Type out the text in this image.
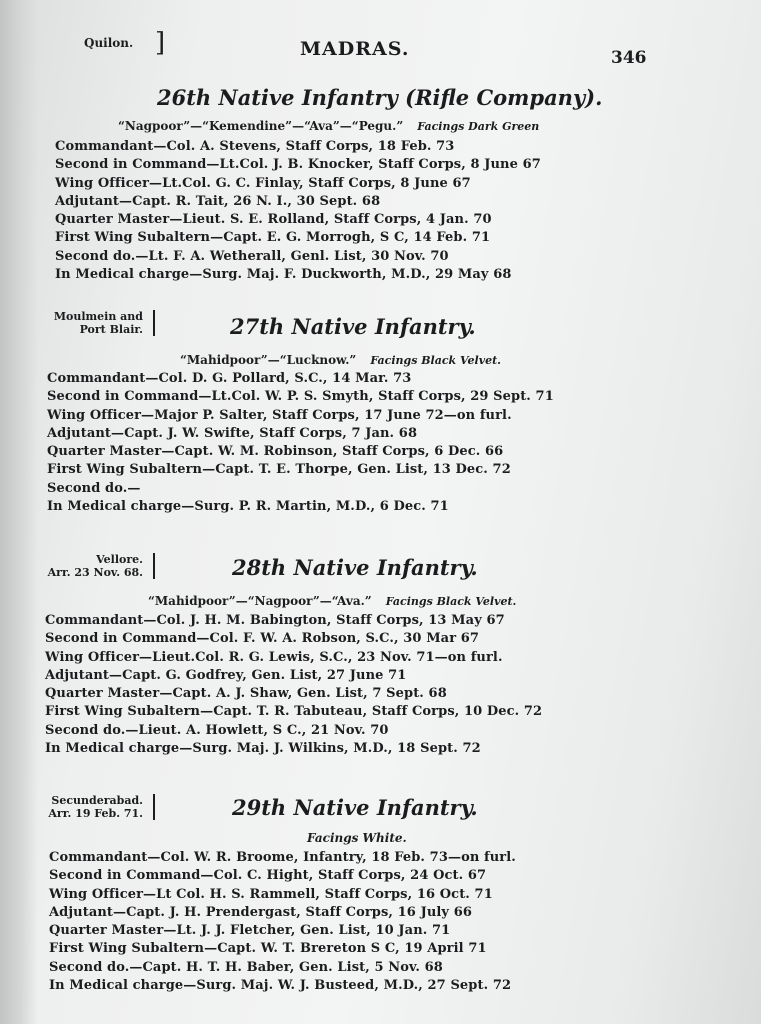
Quilon. ]	MADRAS.	346
26th Native Infantry (Rifle Company).
“Nagpoor”—“Kemendine”—“Ava”—“Pegu.” Facings Dark Green
Commandant—Col. A. Stevens, Staff Corps, 18 Feb. 73
Second in Command—Lt.Col. J. B. Knocker, Staff Corps, 8 June 67
Wing Officer—Lt.Col. G. C. Finlay, Staff Corps, 8 June 67
Adjutant—Capt. R. Tait, 26 N. I., 30 Sept. 68
Quarter Master—Lieut. S. E. Rolland, Staff Corps, 4 Jan. 70
First Wing Subaltern—Capt. E. G. Morrogh, S C, 14 Feb. 71
Second do.—Lt. F. A. Wetherall, Genl. List, 30 Nov. 70
In Medical charge—Surg. Maj. F. Duckworth, M.D., 29 May 68
Moulmein and
Port Blair.	27th Native Infantry.
“Mahidpoor”—“Lucknow.” Facings Black Velvet.
Commandant—Col. D. G. Pollard, S.C., 14 Mar. 73
Second in Command—Lt.Col. W. P. S. Smyth, Staff Corps, 29 Sept. 71
Wing Officer—Major P. Salter, Staff Corps, 17 June 72—on furl.
Adjutant—Capt. J. W. Swifte, Staff Corps, 7 Jan. 68
Quarter Master—Capt. W. M. Robinson, Staff Corps, 6 Dec. 66
First Wing Subaltern—Capt. T. E. Thorpe, Gen. List, 13 Dec. 72
Second do.—
In Medical charge—Surg. P. R. Martin, M.D., 6 Dec. 71
Vellore.
Arr. 23 Nov. 68.	28th Native Infantry.
“Mahidpoor”—“Nagpoor”—“Ava.” Facings Black Velvet.
Commandant—Col. J. H. M. Babington, Staff Corps, 13 May 67
Second in Command—Col. F. W. A. Robson, S.C., 30 Mar 67
Wing Officer—Lieut.Col. R. G. Lewis, S.C., 23 Nov. 71—on furl.
Adjutant—Capt. G. Godfrey, Gen. List, 27 June 71
Quarter Master—Capt. A. J. Shaw, Gen. List, 7 Sept. 68
First Wing Subaltern—Capt. T. R. Tabuteau, Staff Corps, 10 Dec. 72
Second do.—Lieut. A. Howlett, S C., 21 Nov. 70
In Medical charge—Surg. Maj. J. Wilkins, M.D., 18 Sept. 72
Secunderabad.
Arr. 19 Feb. 71.	29th Native Infantry.
Facings White.
Commandant—Col. W. R. Broome, Infantry, 18 Feb. 73—on furl.
Second in Command—Col. C. Hight, Staff Corps, 24 Oct. 67
Wing Officer—Lt Col. H. S. Rammell, Staff Corps, 16 Oct. 71
Adjutant—Capt. J. H. Prendergast, Staff Corps, 16 July 66
Quarter Master—Lt. J. J. Fletcher, Gen. List, 10 Jan. 71
First Wing Subaltern—Capt. W. T. Brereton S C, 19 April 71
Second do.—Capt. H. T. H. Baber, Gen. List, 5 Nov. 68
In Medical charge—Surg. Maj. W. J. Busteed, M.D., 27 Sept. 72
